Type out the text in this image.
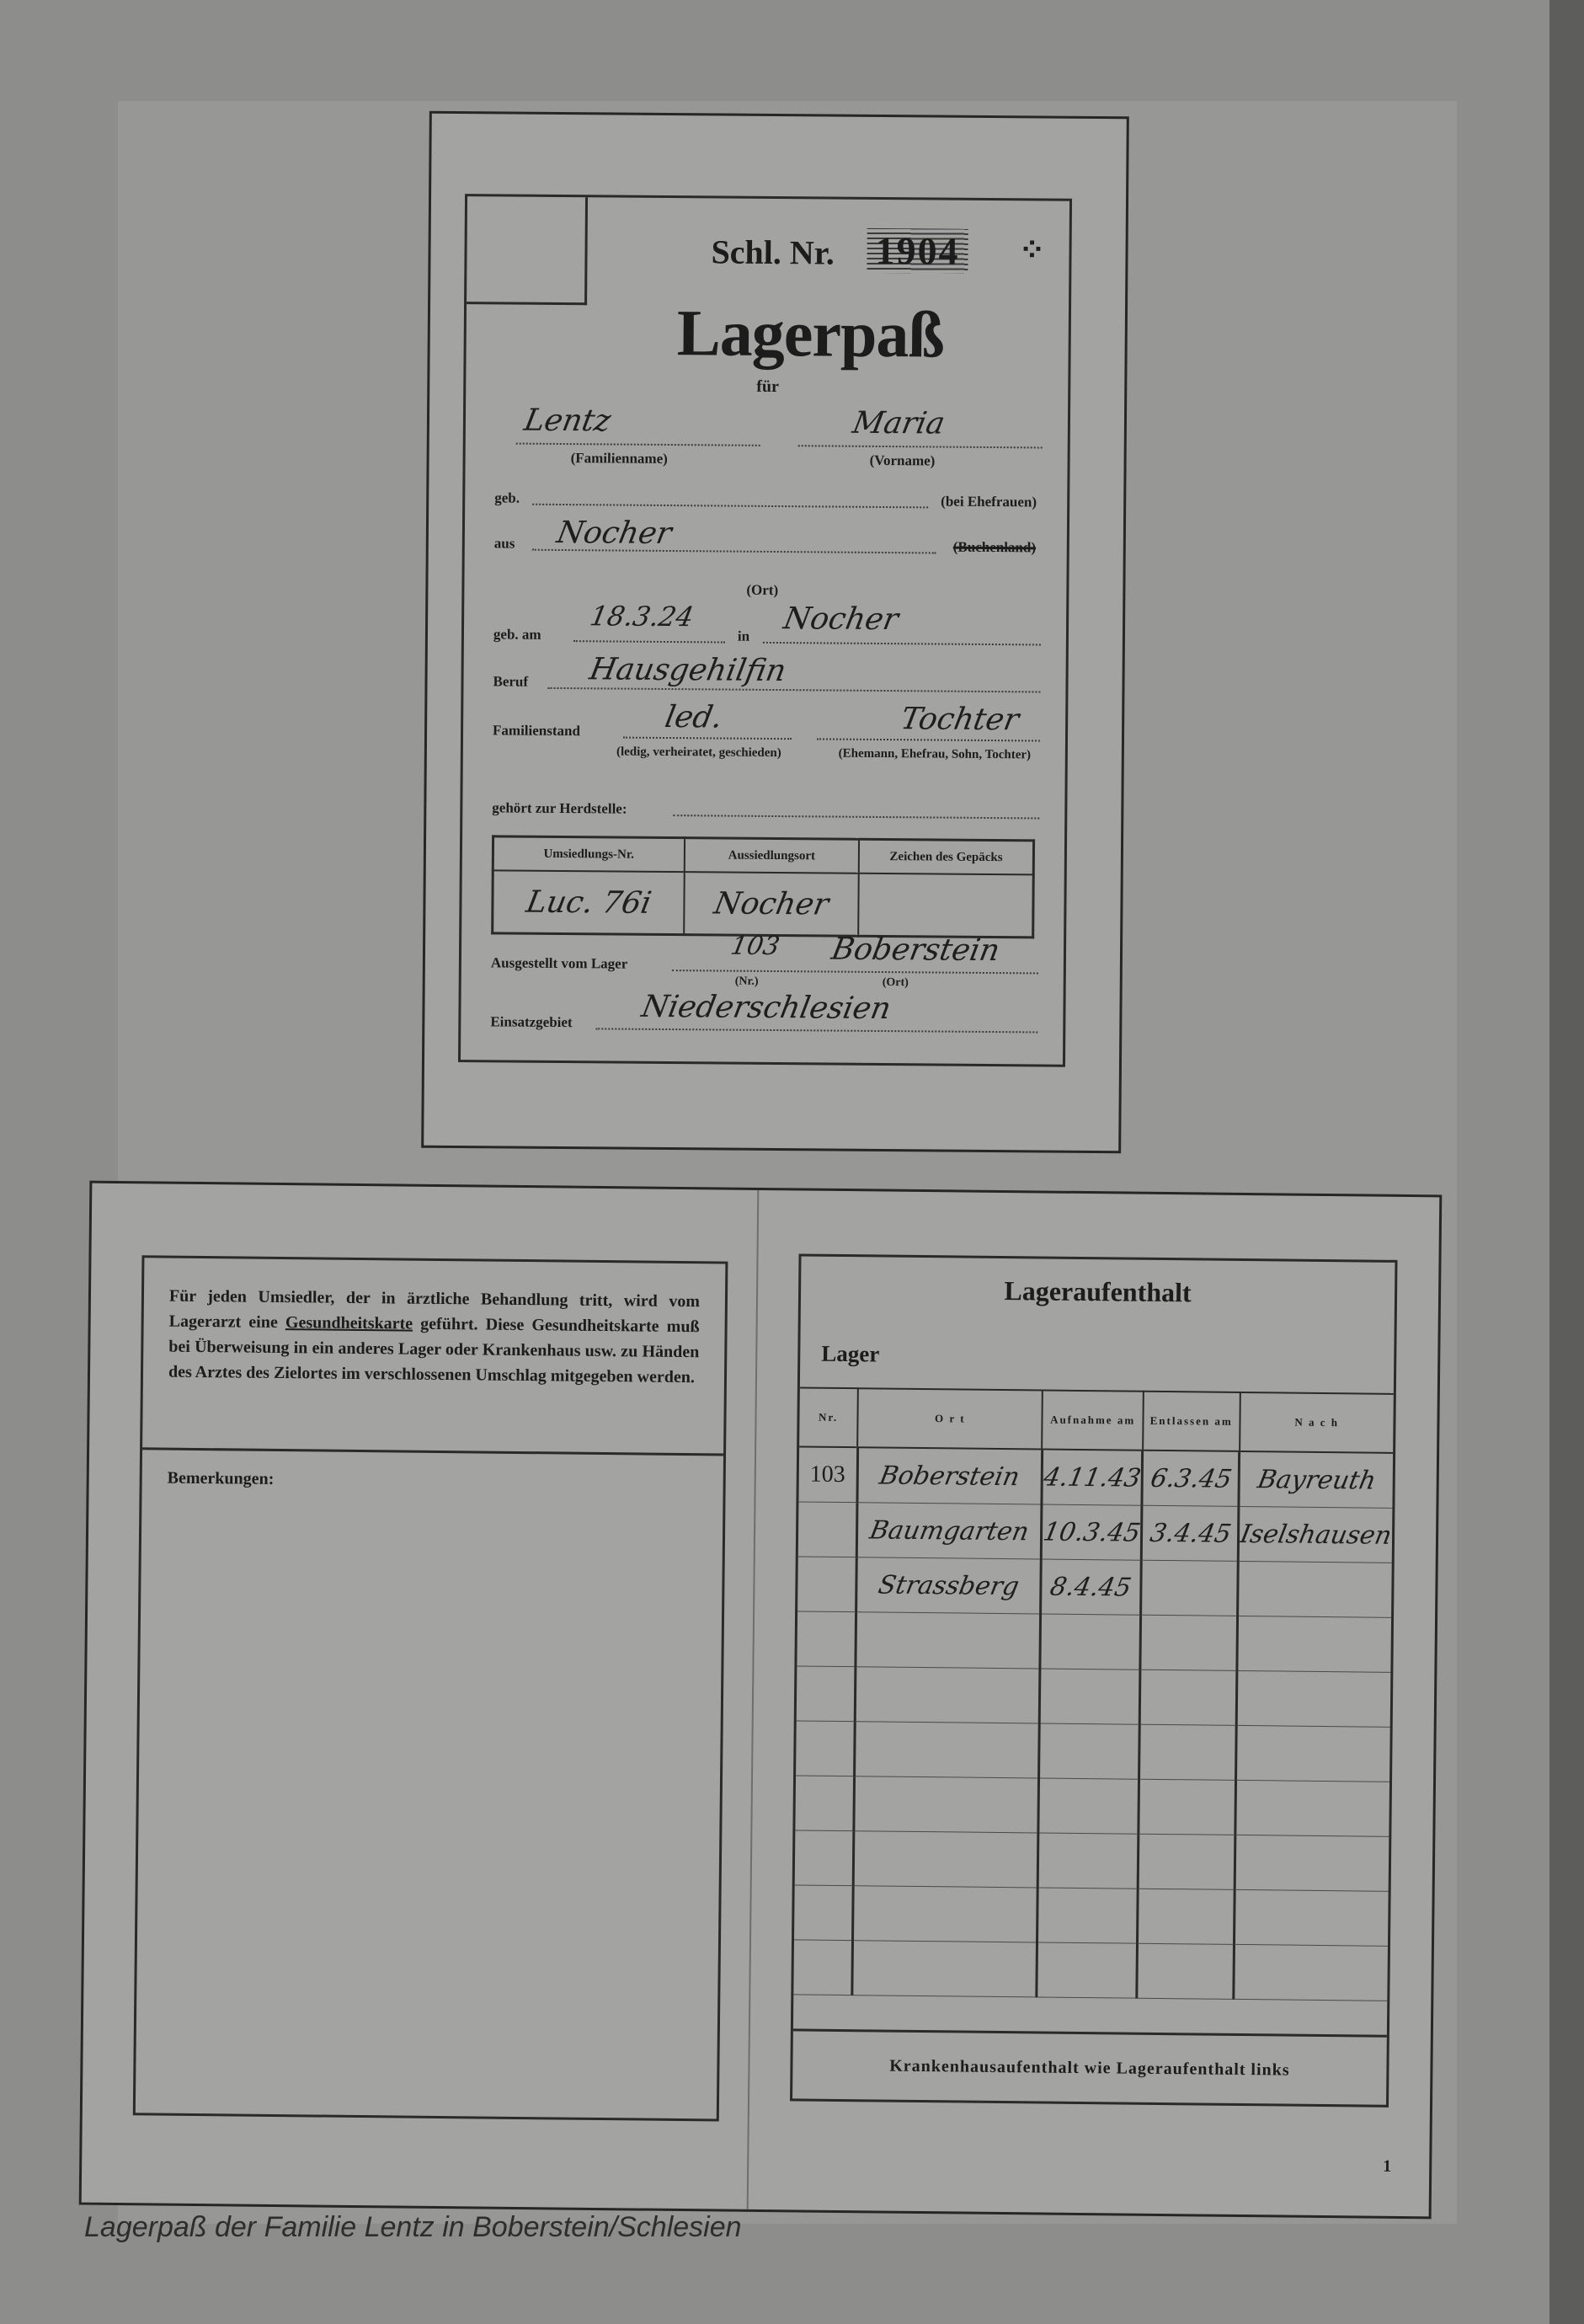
Schl. Nr. 1904 ⁘
Lagerpaß
für
Lentz	Maria
(Familienname)	(Vorname)
geb.	(bei Ehefrauen)
aus Nocher	(Buchenland)
(Ort)
geb. am
18.3.24
in Nocher
Beruf Hausgehilfin
Familienstand	led.	Tochter
(ledig, verheiratet, geschieden)	(Ehemann, Ehefrau, Sohn, Tochter)
gehört zur Herdstelle:
Umsiedlungs-Nr.	Aussiedlungsort	Zeichen des Gepäcks
Luc. 76i	Nocher	
Ausgestellt vom Lager
103 Boberstein
(Nr.)	(Ort)
Einsatzgebiet Niederschlesien
Für jeden Umsiedler, der in ärztliche Behandlung tritt, wird vom Lagerarzt eine Gesundheitskarte geführt. Diese Gesundheitskarte muß bei Überweisung in ein anderes Lager oder Krankenhaus usw. zu Händen des Arztes des Zielortes im verschlossenen Umschlag mitgegeben werden.
Bemerkungen:
Lageraufenthalt
Lager
Nr.	O r t	Aufnahme am	Entlassen am	N a c h
103	Boberstein	4.11.43	6.3.45	Bayreuth
	Baumgarten	10.3.45	3.4.45	Iselshausen
	Strassberg	8.4.45		

Krankenhausaufenthalt wie Lageraufenthalt links
1
Lagerpaß der Familie Lentz in Boberstein/Schlesien
